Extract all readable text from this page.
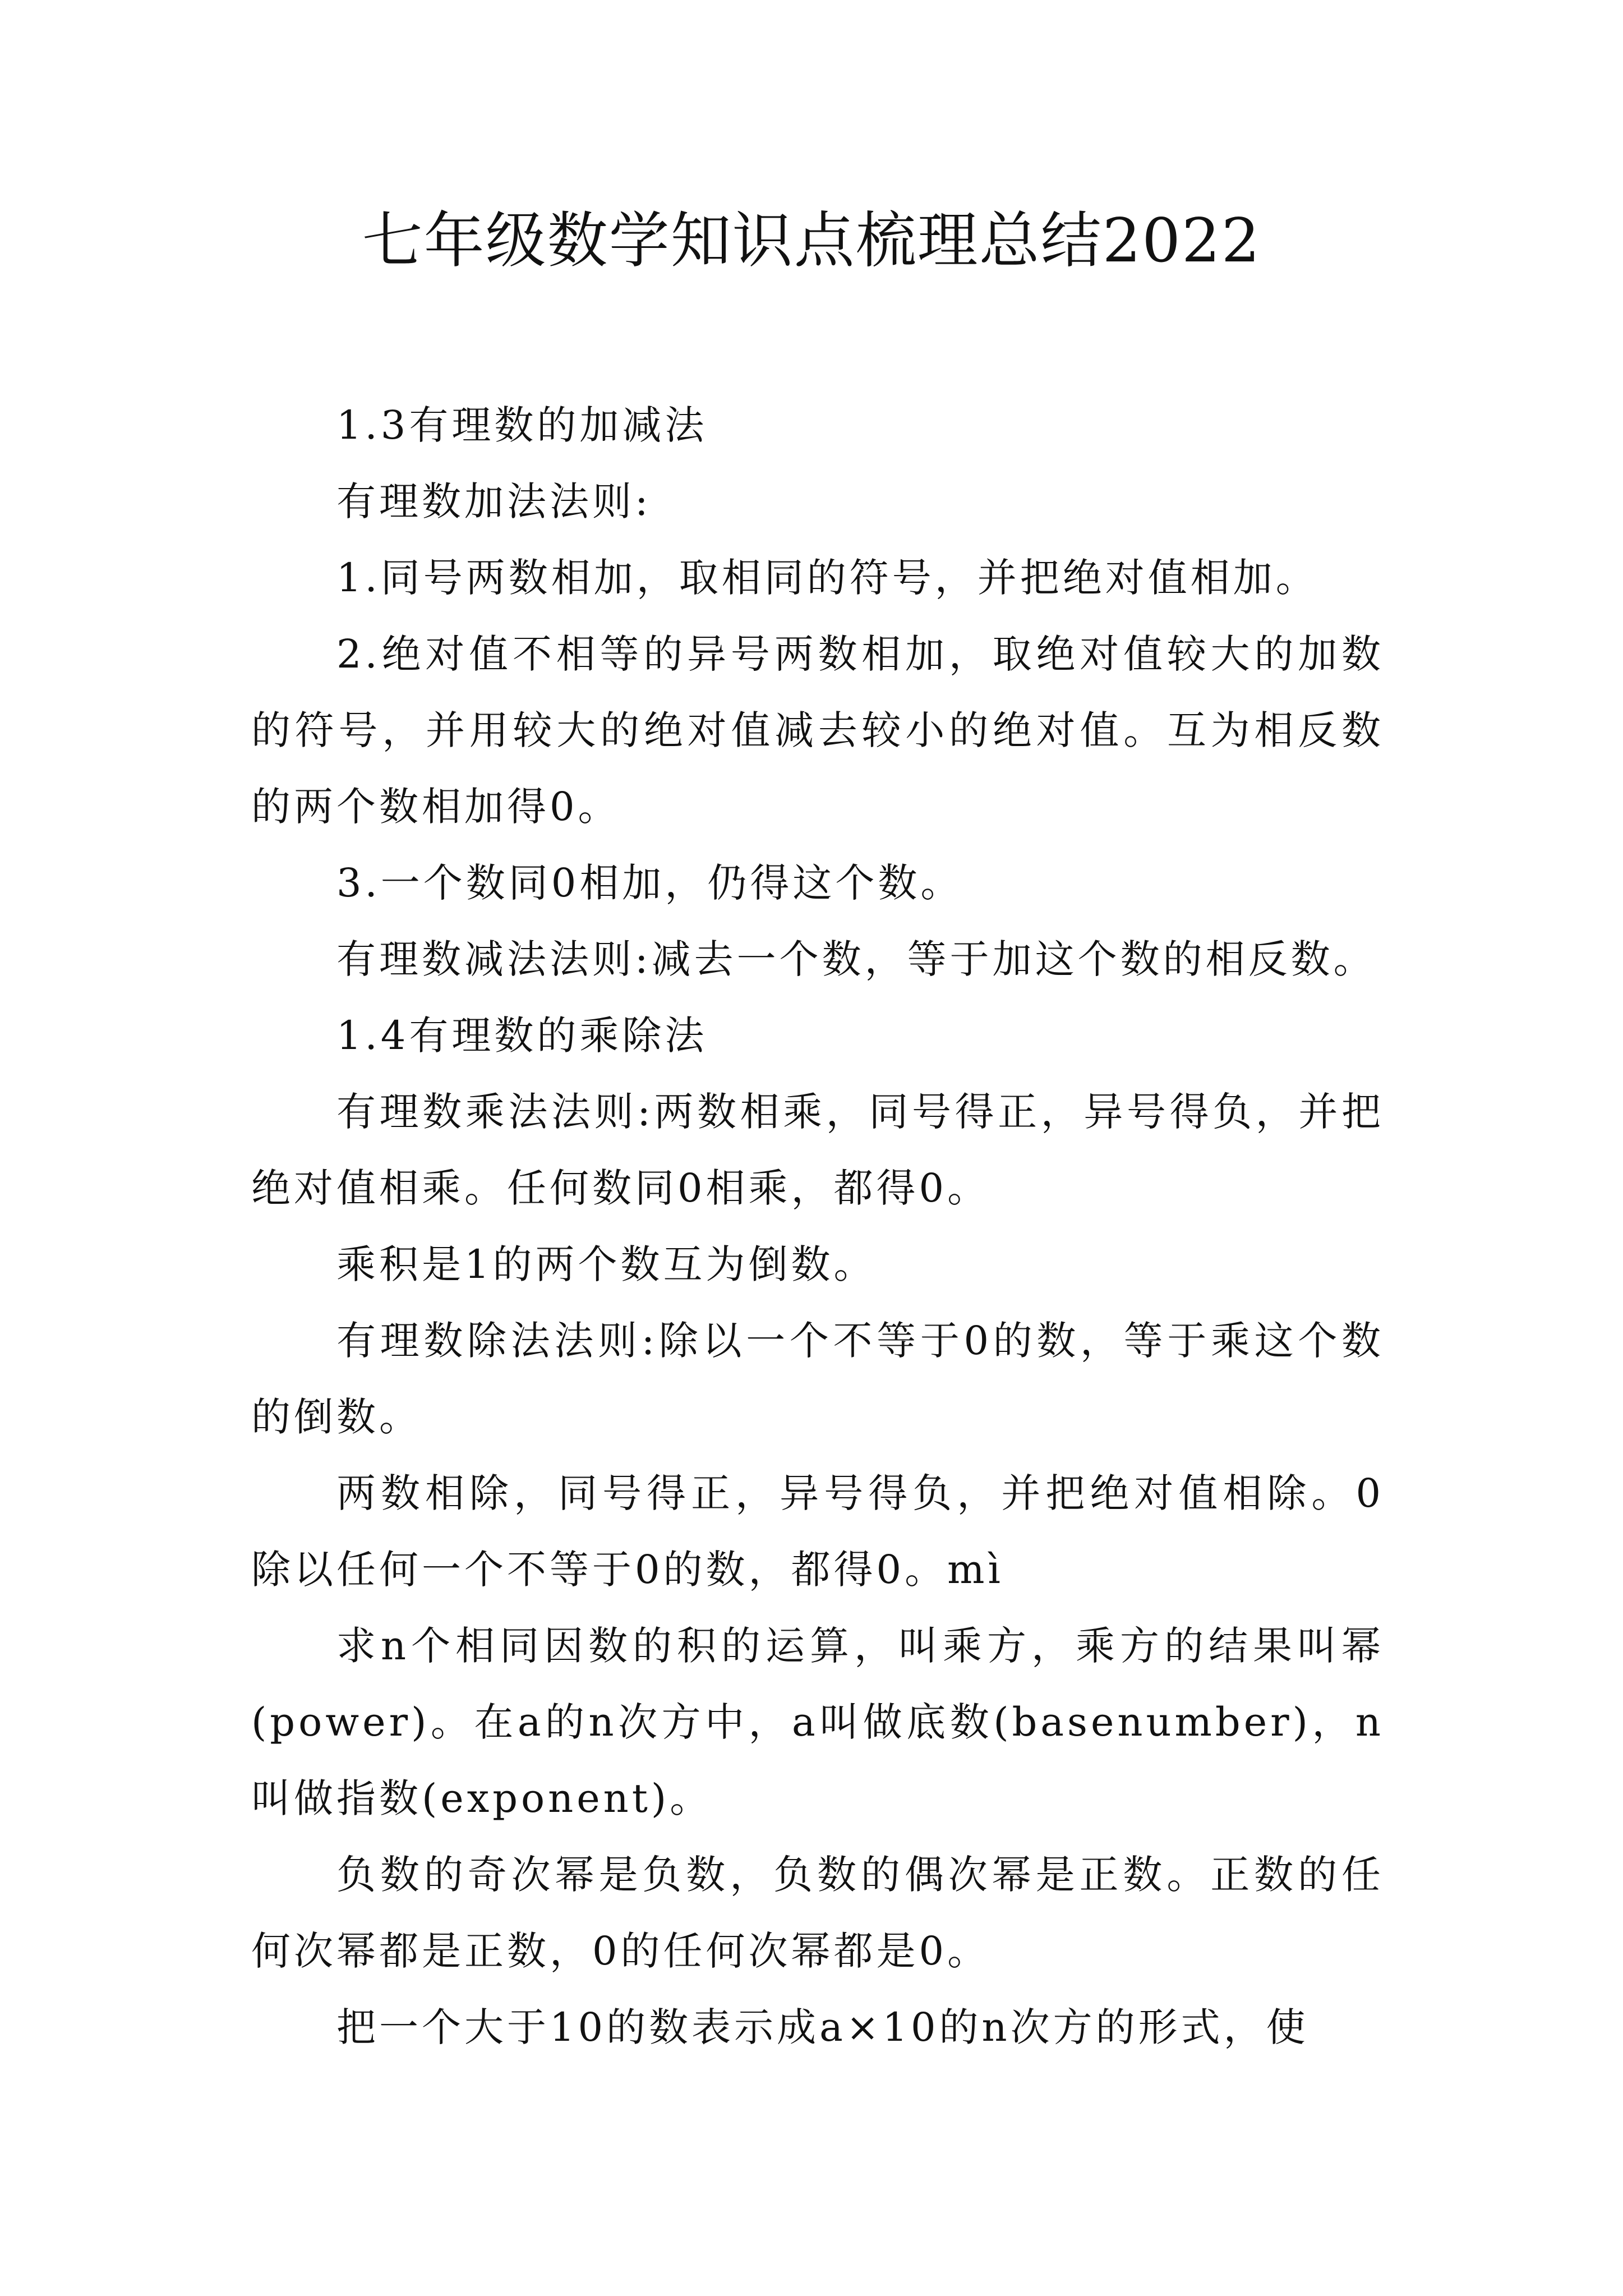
七年级数学知识点梳理总结2022

1.3有理数的加减法

有理数加法法则:

1.同号两数相加，取相同的符号，并把绝对值相加。

2.绝对值不相等的异号两数相加，取绝对值较大的加数的符号，并用较大的绝对值减去较小的绝对值。互为相反数的两个数相加得0。

3.一个数同0相加，仍得这个数。

有理数减法法则:减去一个数，等于加这个数的相反数。

1.4有理数的乘除法

有理数乘法法则:两数相乘，同号得正，异号得负，并把绝对值相乘。任何数同0相乘，都得0。

乘积是1的两个数互为倒数。

有理数除法法则:除以一个不等于0的数，等于乘这个数的倒数。

两数相除，同号得正，异号得负，并把绝对值相除。0除以任何一个不等于0的数，都得0。mì

求n个相同因数的积的运算，叫乘方，乘方的结果叫幂(power)。在a的n次方中，a叫做底数(basenumber)，n叫做指数(exponent)。

负数的奇次幂是负数，负数的偶次幂是正数。正数的任何次幂都是正数，0的任何次幂都是0。

把一个大于10的数表示成a×10的n次方的形式，使
